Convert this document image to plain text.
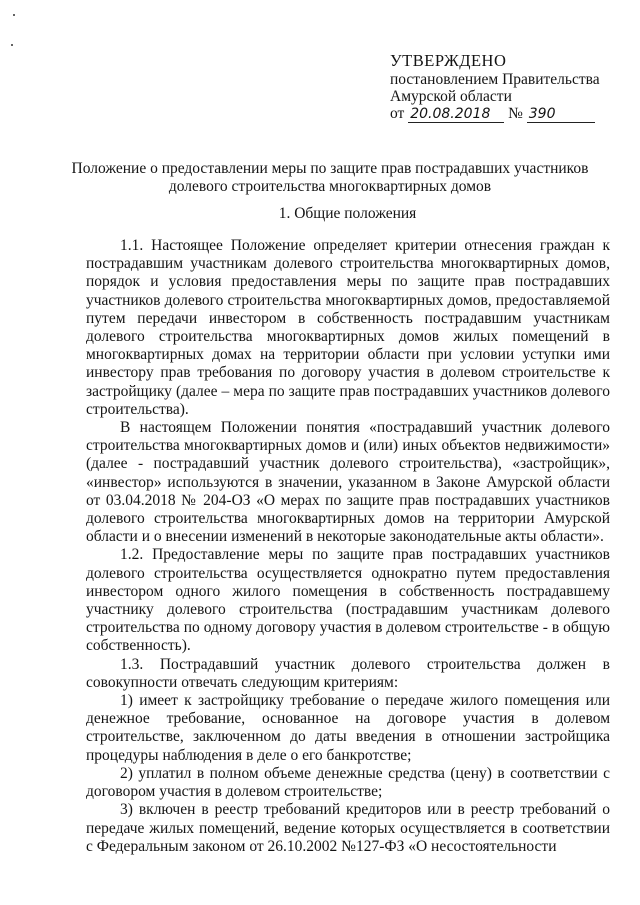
УТВЕРЖДЕНО
постановлением Правительства
Амурской области
от 20.08.2018 № 390
Положение о предоставлении меры по защите прав пострадавших участников
долевого строительства многоквартирных домов
1. Общие положения

1.1. Настоящее Положение определяет критерии отнесения граждан к пострадавшим участникам долевого строительства многоквартирных домов, порядок и условия предоставления меры по защите прав пострадавших участников долевого строительства многоквартирных домов, предоставляемой путем передачи инвестором в собственность пострадавшим участникам долевого строительства многоквартирных домов жилых помещений в многоквартирных домах на территории области при условии уступки ими инвестору прав требования по договору участия в долевом строительстве к застройщику (далее – мера по защите прав пострадавших участников долевого строительства).

В настоящем Положении понятия «пострадавший участник долевого строительства многоквартирных домов и (или) иных объектов недвижимости» (далее - пострадавший участник долевого строительства), «застройщик», «инвестор» используются в значении, указанном в Законе Амурской области от 03.04.2018 № 204-ОЗ «О мерах по защите прав пострадавших участников долевого строительства многоквартирных домов на территории Амурской области и о внесении изменений в некоторые законодательные акты области».

1.2. Предоставление меры по защите прав пострадавших участников долевого строительства осуществляется однократно путем предоставления инвестором одного жилого помещения в собственность пострадавшему участнику долевого строительства (пострадавшим участникам долевого строительства по одному договору участия в долевом строительстве - в общую собственность).

1.3. Пострадавший участник долевого строительства должен в совокупности отвечать следующим критериям:

1) имеет к застройщику требование о передаче жилого помещения или денежное требование, основанное на договоре участия в долевом строительстве, заключенном до даты введения в отношении застройщика процедуры наблюдения в деле о его банкротстве;

2) уплатил в полном объеме денежные средства (цену) в соответствии с договором участия в долевом строительстве;

3) включен в реестр требований кредиторов или в реестр требований о передаче жилых помещений, ведение которых осуществляется в соответствии с Федеральным законом от 26.10.2002 №127-ФЗ «О несостоятельности
